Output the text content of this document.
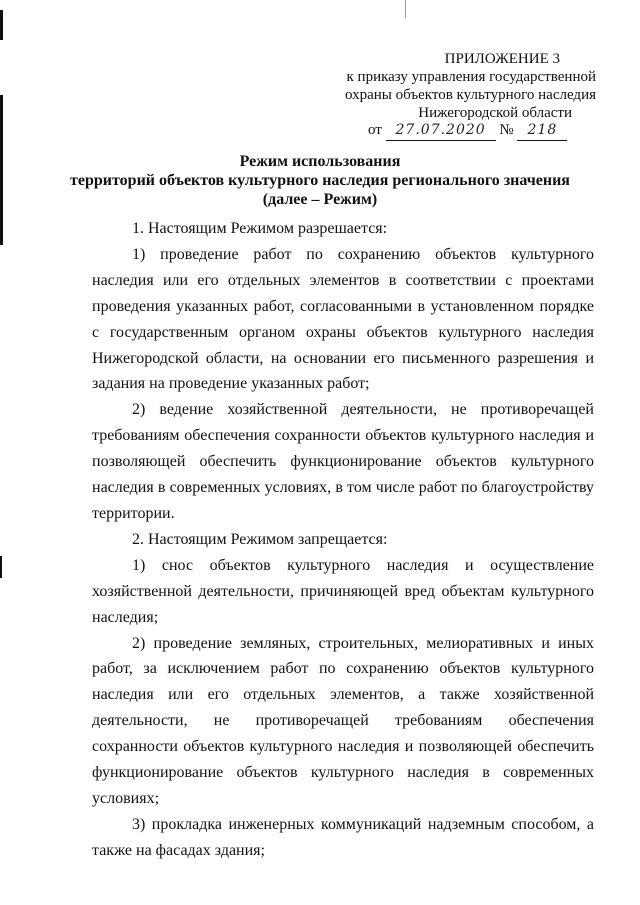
ПРИЛОЖЕНИЕ 3
к приказу управления государственной
охраны объектов культурного наследия
Нижегородской области
от 27.07.2020 № 218
Режим использования
территорий объектов культурного наследия регионального значения
(далее – Режим)

1. Настоящим Режимом разрешается:

1) проведение работ по сохранению объектов культурного наследия или его отдельных элементов в соответствии с проектами проведения указанных работ, согласованными в установленном порядке с государственным органом охраны объектов культурного наследия Нижегородской области, на основании его письменного разрешения и задания на проведение указанных работ;

2) ведение хозяйственной деятельности, не противоречащей требованиям обеспечения сохранности объектов культурного наследия и позволяющей обеспечить функционирование объектов культурного наследия в современных условиях, в том числе работ по благоустройству территории.

2. Настоящим Режимом запрещается:

1) снос объектов культурного наследия и осуществление хозяйственной деятельности, причиняющей вред объектам культурного наследия;

2) проведение земляных, строительных, мелиоративных и иных работ, за исключением работ по сохранению объектов культурного наследия или его отдельных элементов, а также хозяйственной деятельности, не противоречащей требованиям обеспечения сохранности объектов культурного наследия и позволяющей обеспечить функционирование объектов культурного наследия в современных условиях;

3) прокладка инженерных коммуникаций надземным способом, а также на фасадах здания;
